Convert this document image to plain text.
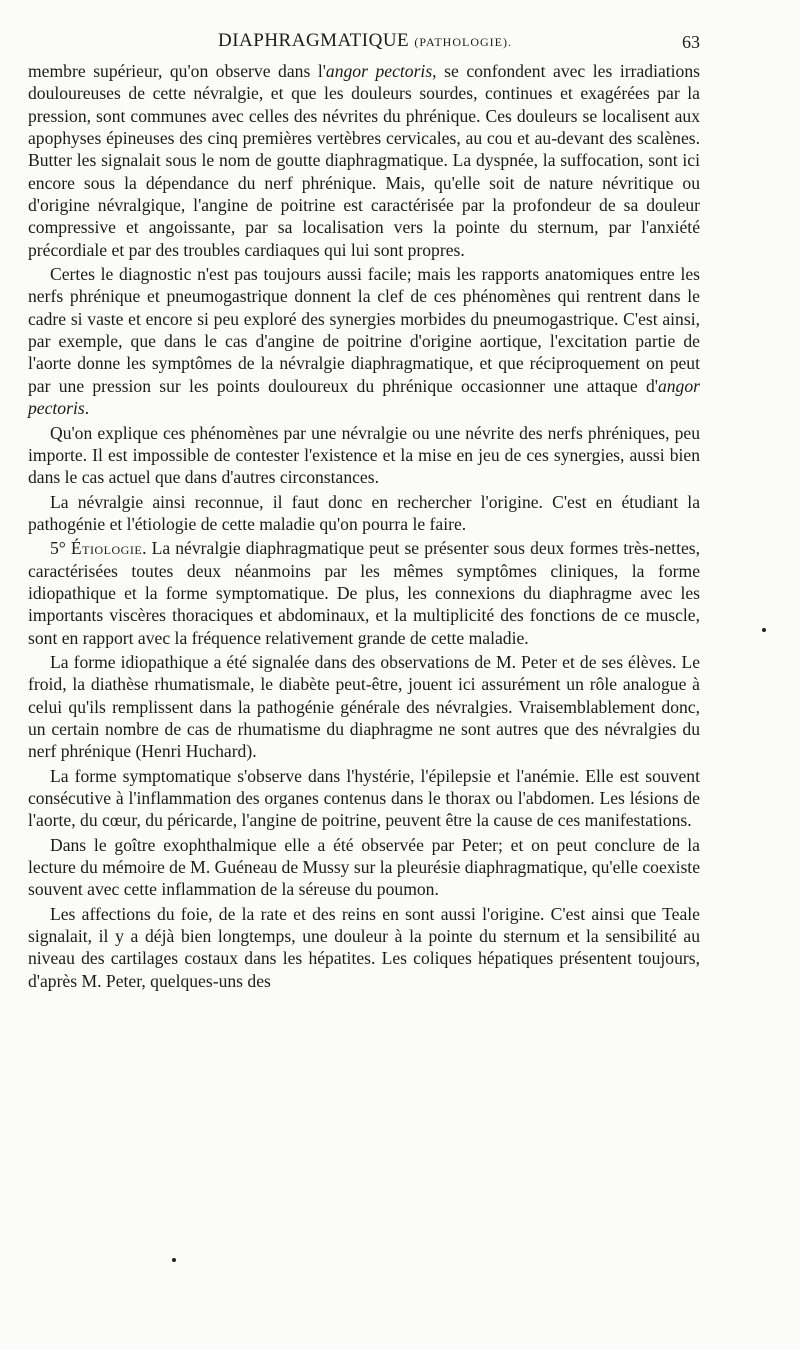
DIAPHRAGMATIQUE (PATHOLOGIE).	63

membre supérieur, qu'on observe dans l'angor pectoris, se confondent avec les irradiations douloureuses de cette névralgie, et que les douleurs sourdes, continues et exagérées par la pression, sont communes avec celles des névrites du phrénique. Ces douleurs se localisent aux apophyses épineuses des cinq premières vertèbres cervicales, au cou et au-devant des scalènes. Butter les signalait sous le nom de goutte diaphragmatique. La dyspnée, la suffocation, sont ici encore sous la dépendance du nerf phrénique. Mais, qu'elle soit de nature névritique ou d'origine névralgique, l'angine de poitrine est caractérisée par la profondeur de sa douleur compressive et angoissante, par sa localisation vers la pointe du sternum, par l'anxiété précordiale et par des troubles cardiaques qui lui sont propres.

Certes le diagnostic n'est pas toujours aussi facile; mais les rapports anatomiques entre les nerfs phrénique et pneumogastrique donnent la clef de ces phénomènes qui rentrent dans le cadre si vaste et encore si peu exploré des synergies morbides du pneumogastrique. C'est ainsi, par exemple, que dans le cas d'angine de poitrine d'origine aortique, l'excitation partie de l'aorte donne les symptômes de la névralgie diaphragmatique, et que réciproquement on peut par une pression sur les points douloureux du phrénique occasionner une attaque d'angor pectoris.

Qu'on explique ces phénomènes par une névralgie ou une névrite des nerfs phréniques, peu importe. Il est impossible de contester l'existence et la mise en jeu de ces synergies, aussi bien dans le cas actuel que dans d'autres circonstances.

La névralgie ainsi reconnue, il faut donc en rechercher l'origine. C'est en étudiant la pathogénie et l'étiologie de cette maladie qu'on pourra le faire.

5° Étiologie. La névralgie diaphragmatique peut se présenter sous deux formes très-nettes, caractérisées toutes deux néanmoins par les mêmes symptômes cliniques, la forme idiopathique et la forme symptomatique. De plus, les connexions du diaphragme avec les importants viscères thoraciques et abdominaux, et la multiplicité des fonctions de ce muscle, sont en rapport avec la fréquence relativement grande de cette maladie.

La forme idiopathique a été signalée dans des observations de M. Peter et de ses élèves. Le froid, la diathèse rhumatismale, le diabète peut-être, jouent ici assurément un rôle analogue à celui qu'ils remplissent dans la pathogénie générale des névralgies. Vraisemblablement donc, un certain nombre de cas de rhumatisme du diaphragme ne sont autres que des névralgies du nerf phrénique (Henri Huchard).

La forme symptomatique s'observe dans l'hystérie, l'épilepsie et l'anémie. Elle est souvent consécutive à l'inflammation des organes contenus dans le thorax ou l'abdomen. Les lésions de l'aorte, du cœur, du péricarde, l'angine de poitrine, peuvent être la cause de ces manifestations.

Dans le goître exophthalmique elle a été observée par Peter; et on peut conclure de la lecture du mémoire de M. Guéneau de Mussy sur la pleurésie diaphragmatique, qu'elle coexiste souvent avec cette inflammation de la séreuse du poumon.

Les affections du foie, de la rate et des reins en sont aussi l'origine. C'est ainsi que Teale signalait, il y a déjà bien longtemps, une douleur à la pointe du sternum et la sensibilité au niveau des cartilages costaux dans les hépatites. Les coliques hépatiques présentent toujours, d'après M. Peter, quelques-uns des
